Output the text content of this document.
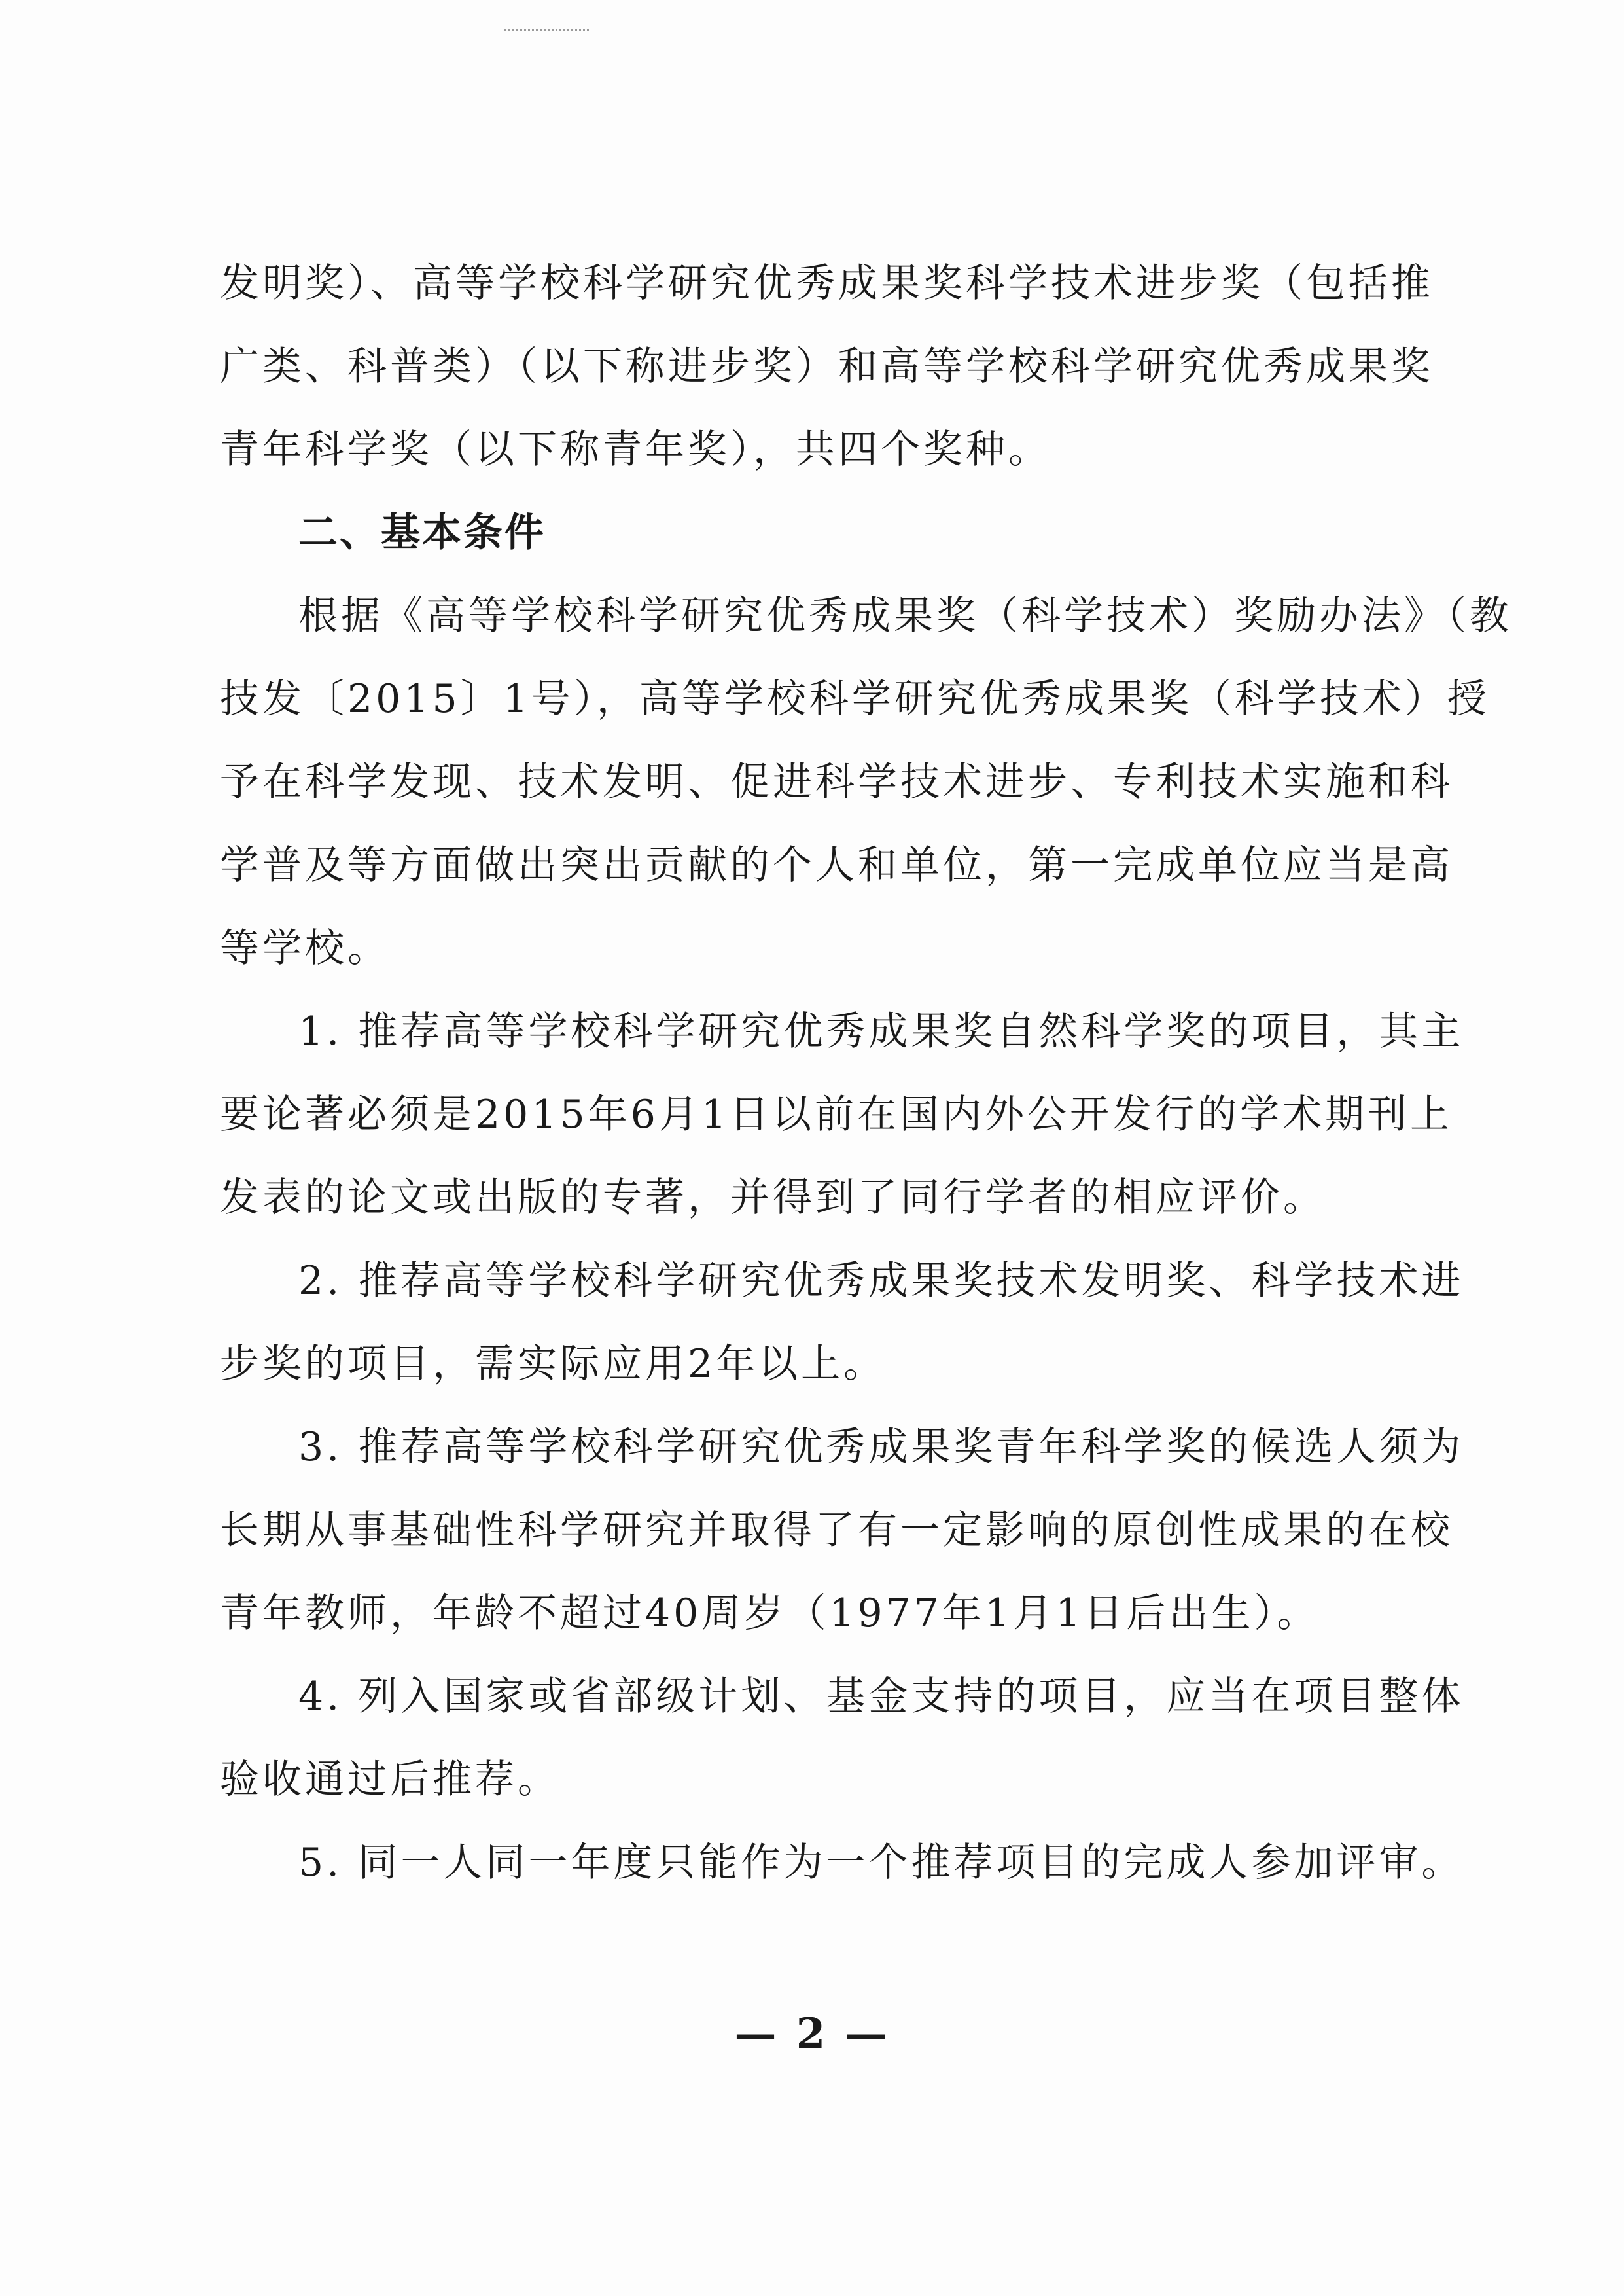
发明奖）、高等学校科学研究优秀成果奖科学技术进步奖（包括推
广类、科普类）（以下称进步奖）和高等学校科学研究优秀成果奖
青年科学奖（以下称青年奖），共四个奖种。
二、基本条件
根据《高等学校科学研究优秀成果奖（科学技术）奖励办法》（教
技发〔2015〕1号），高等学校科学研究优秀成果奖（科学技术）授
予在科学发现、技术发明、促进科学技术进步、专利技术实施和科
学普及等方面做出突出贡献的个人和单位，第一完成单位应当是高
等学校。
1. 推荐高等学校科学研究优秀成果奖自然科学奖的项目，其主
要论著必须是2015年6月1日以前在国内外公开发行的学术期刊上
发表的论文或出版的专著，并得到了同行学者的相应评价。
2. 推荐高等学校科学研究优秀成果奖技术发明奖、科学技术进
步奖的项目，需实际应用2年以上。
3. 推荐高等学校科学研究优秀成果奖青年科学奖的候选人须为
长期从事基础性科学研究并取得了有一定影响的原创性成果的在校
青年教师，年龄不超过40周岁（1977年1月1日后出生）。
4. 列入国家或省部级计划、基金支持的项目，应当在项目整体
验收通过后推荐。
5. 同一人同一年度只能作为一个推荐项目的完成人参加评审。
— 2 —
